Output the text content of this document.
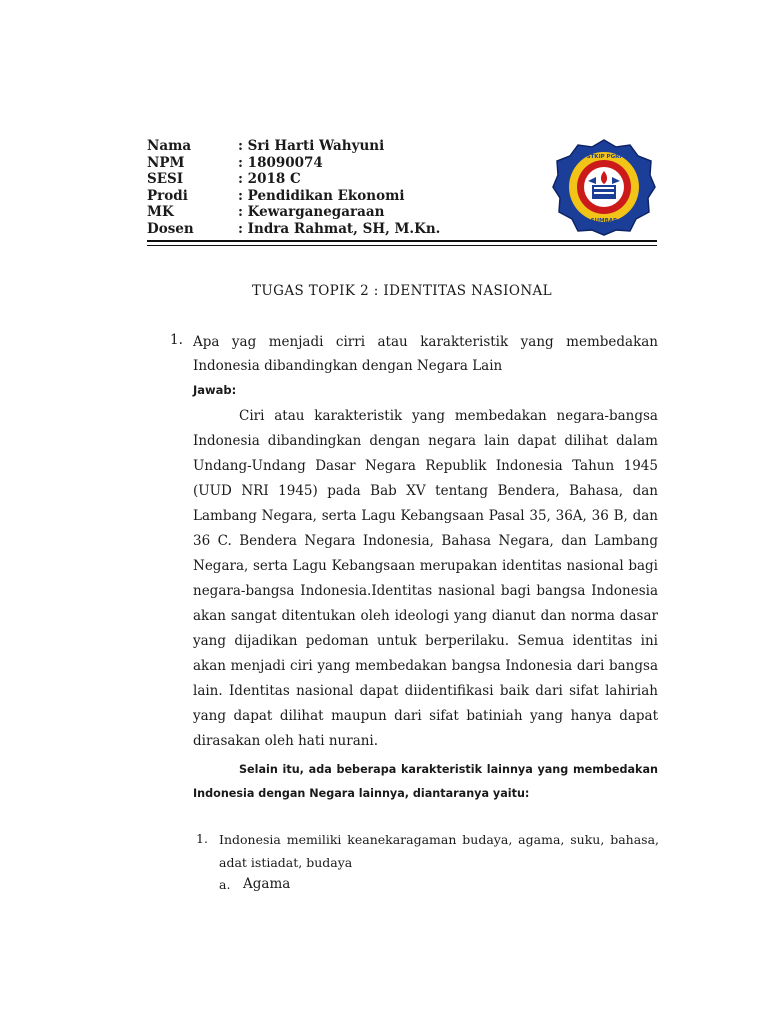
Nama	: Sri Harti Wahyuni
NPM	: 18090074
SESI	: 2018 C
Prodi	: Pendidikan Ekonomi
MK	: Kewarganegaraan
Dosen	: Indra Rahmat, SH, M.Kn.
STKIP PGRI
SUMBAR
TUGAS TOPIK 2 : IDENTITAS NASIONAL
1. Apa yag menjadi cirri atau karakteristik yang membedakan Indonesia dibandingkan dengan Negara Lain
Jawab:
Ciri atau karakteristik yang membedakan negara-bangsa Indonesia dibandingkan dengan negara lain dapat dilihat dalam Undang-Undang Dasar Negara Republik Indonesia Tahun 1945 (UUD NRI 1945) pada Bab XV tentang Bendera, Bahasa, dan Lambang Negara, serta Lagu Kebangsaan Pasal 35, 36A, 36 B, dan 36 C. Bendera Negara Indonesia, Bahasa Negara, dan Lambang Negara, serta Lagu Kebangsaan merupakan identitas nasional bagi negara-bangsa Indonesia.Identitas nasional bagi bangsa Indonesia akan sangat ditentukan oleh ideologi yang dianut dan norma dasar yang dijadikan pedoman untuk berperilaku. Semua identitas ini akan menjadi ciri yang membedakan bangsa Indonesia dari bangsa lain. Identitas nasional dapat diidentifikasi baik dari sifat lahiriah yang dapat dilihat maupun dari sifat batiniah yang hanya dapat dirasakan oleh hati nurani.
Selain itu, ada beberapa karakteristik lainnya yang membedakan Indonesia dengan Negara lainnya, diantaranya yaitu:
1. Indonesia memiliki keanekaragaman budaya, agama, suku, bahasa, adat istiadat, budaya
a. Agama
